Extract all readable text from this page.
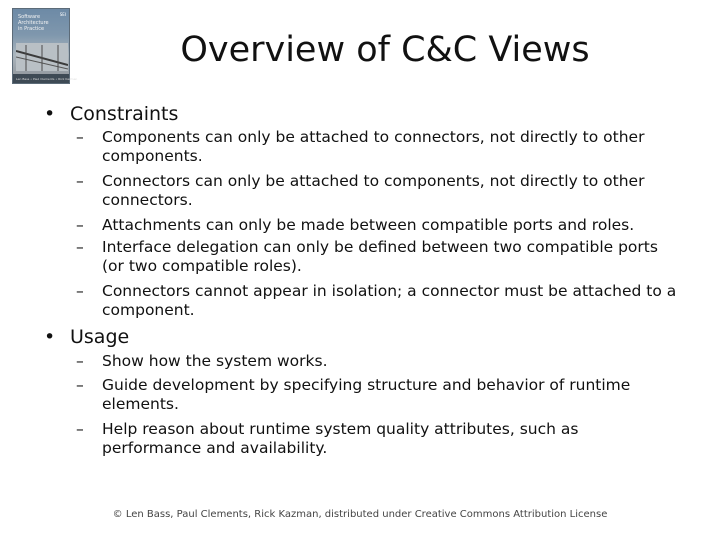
Software
Architecture
in Practice
SEI
Len Bass • Paul Clements • Rick Kazman
Overview of C&C Views
• Constraints
– Components can only be attached to connectors, not directly to other components.
– Connectors can only be attached to components, not directly to other connectors.
– Attachments can only be made between compatible ports and roles.
– Interface delegation can only be defined between two compatible ports (or two compatible roles).
– Connectors cannot appear in isolation; a connector must be attached to a component.
• Usage
– Show how the system works.
– Guide development by specifying structure and behavior of runtime elements.
– Help reason about runtime system quality attributes, such as performance and availability.
© Len Bass, Paul Clements, Rick Kazman, distributed under Creative Commons Attribution License
